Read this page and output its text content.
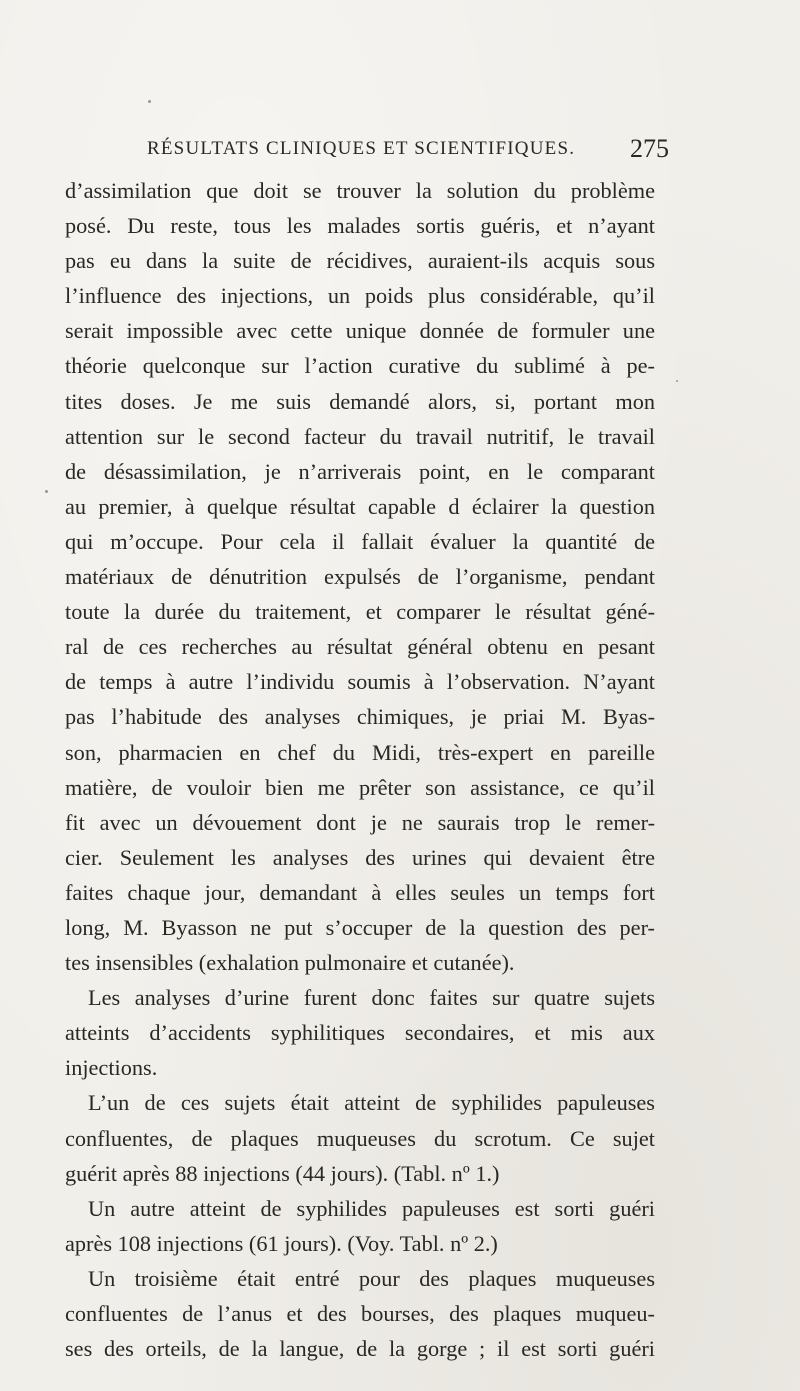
RÉSULTATS CLINIQUES ET SCIENTIFIQUES. 275
d’assimilation que doit se trouver la solution du problème
posé. Du reste, tous les malades sortis guéris, et n’ayant
pas eu dans la suite de récidives, auraient-ils acquis sous
l’influence des injections, un poids plus considérable, qu’il
serait impossible avec cette unique donnée de formuler une
théorie quelconque sur l’action curative du sublimé à pe-
tites doses. Je me suis demandé alors, si, portant mon
attention sur le second facteur du travail nutritif, le travail
de désassimilation, je n’arriverais point, en le comparant
au premier, à quelque résultat capable d éclairer la question
qui m’occupe. Pour cela il fallait évaluer la quantité de
matériaux de dénutrition expulsés de l’organisme, pendant
toute la durée du traitement, et comparer le résultat géné-
ral de ces recherches au résultat général obtenu en pesant
de temps à autre l’individu soumis à l’observation. N’ayant
pas l’habitude des analyses chimiques, je priai M. Byas-
son, pharmacien en chef du Midi, très-expert en pareille
matière, de vouloir bien me prêter son assistance, ce qu’il
fit avec un dévouement dont je ne saurais trop le remer-
cier. Seulement les analyses des urines qui devaient être
faites chaque jour, demandant à elles seules un temps fort
long, M. Byasson ne put s’occuper de la question des per-
tes insensibles (exhalation pulmonaire et cutanée).
Les analyses d’urine furent donc faites sur quatre sujets
atteints d’accidents syphilitiques secondaires, et mis aux
injections.
L’un de ces sujets était atteint de syphilides papuleuses
confluentes, de plaques muqueuses du scrotum. Ce sujet
guérit après 88 injections (44 jours). (Tabl. nº 1.)
Un autre atteint de syphilides papuleuses est sorti guéri
après 108 injections (61 jours). (Voy. Tabl. nº 2.)
Un troisième était entré pour des plaques muqueuses
confluentes de l’anus et des bourses, des plaques muqueu-
ses des orteils, de la langue, de la gorge ; il est sorti guéri
